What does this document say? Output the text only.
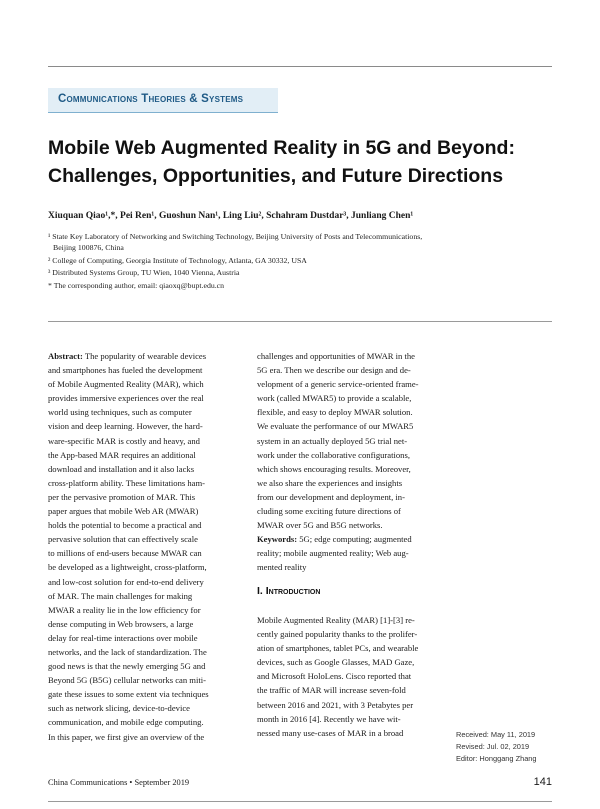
Communications Theories & Systems
Mobile Web Augmented Reality in 5G and Beyond:
Challenges, Opportunities, and Future Directions
Xiuquan Qiao¹,*, Pei Ren¹, Guoshun Nan¹, Ling Liu², Schahram Dustdar³, Junliang Chen¹
¹ State Key Laboratory of Networking and Switching Technology, Beijing University of Posts and Telecommunications,
Beijing 100876, China
² College of Computing, Georgia Institute of Technology, Atlanta, GA 30332, USA
³ Distributed Systems Group, TU Wien, 1040 Vienna, Austria
* The corresponding author, email: qiaoxq@bupt.edu.cn
Abstract: The popularity of wearable devices
and smartphones has fueled the development
of Mobile Augmented Reality (MAR), which
provides immersive experiences over the real
world using techniques, such as computer
vision and deep learning. However, the hard-
ware-specific MAR is costly and heavy, and
the App-based MAR requires an additional
download and installation and it also lacks
cross-platform ability. These limitations ham-
per the pervasive promotion of MAR. This
paper argues that mobile Web AR (MWAR)
holds the potential to become a practical and
pervasive solution that can effectively scale
to millions of end-users because MWAR can
be developed as a lightweight, cross-platform,
and low-cost solution for end-to-end delivery
of MAR. The main challenges for making
MWAR a reality lie in the low efficiency for
dense computing in Web browsers, a large
delay for real-time interactions over mobile
networks, and the lack of standardization. The
good news is that the newly emerging 5G and
Beyond 5G (B5G) cellular networks can miti-
gate these issues to some extent via techniques
such as network slicing, device-to-device
communication, and mobile edge computing.
In this paper, we first give an overview of the
challenges and opportunities of MWAR in the
5G era. Then we describe our design and de-
velopment of a generic service-oriented frame-
work (called MWAR5) to provide a scalable,
flexible, and easy to deploy MWAR solution.
We evaluate the performance of our MWAR5
system in an actually deployed 5G trial net-
work under the collaborative configurations,
which shows encouraging results. Moreover,
we also share the experiences and insights
from our development and deployment, in-
cluding some exciting future directions of
MWAR over 5G and B5G networks.
Keywords: 5G; edge computing; augmented
reality; mobile augmented reality; Web aug-
mented reality
I. Introduction
Mobile Augmented Reality (MAR) [1]-[3] re-
cently gained popularity thanks to the prolifer-
ation of smartphones, tablet PCs, and wearable
devices, such as Google Glasses, MAD Gaze,
and Microsoft HoloLens. Cisco reported that
the traffic of MAR will increase seven-fold
between 2016 and 2021, with 3 Petabytes per
month in 2016 [4]. Recently we have wit-
nessed many use-cases of MAR in a broad	Received: May 11, 2019
Revised: Jul. 02, 2019
Editor: Honggang Zhang
China Communications • September 2019	141
